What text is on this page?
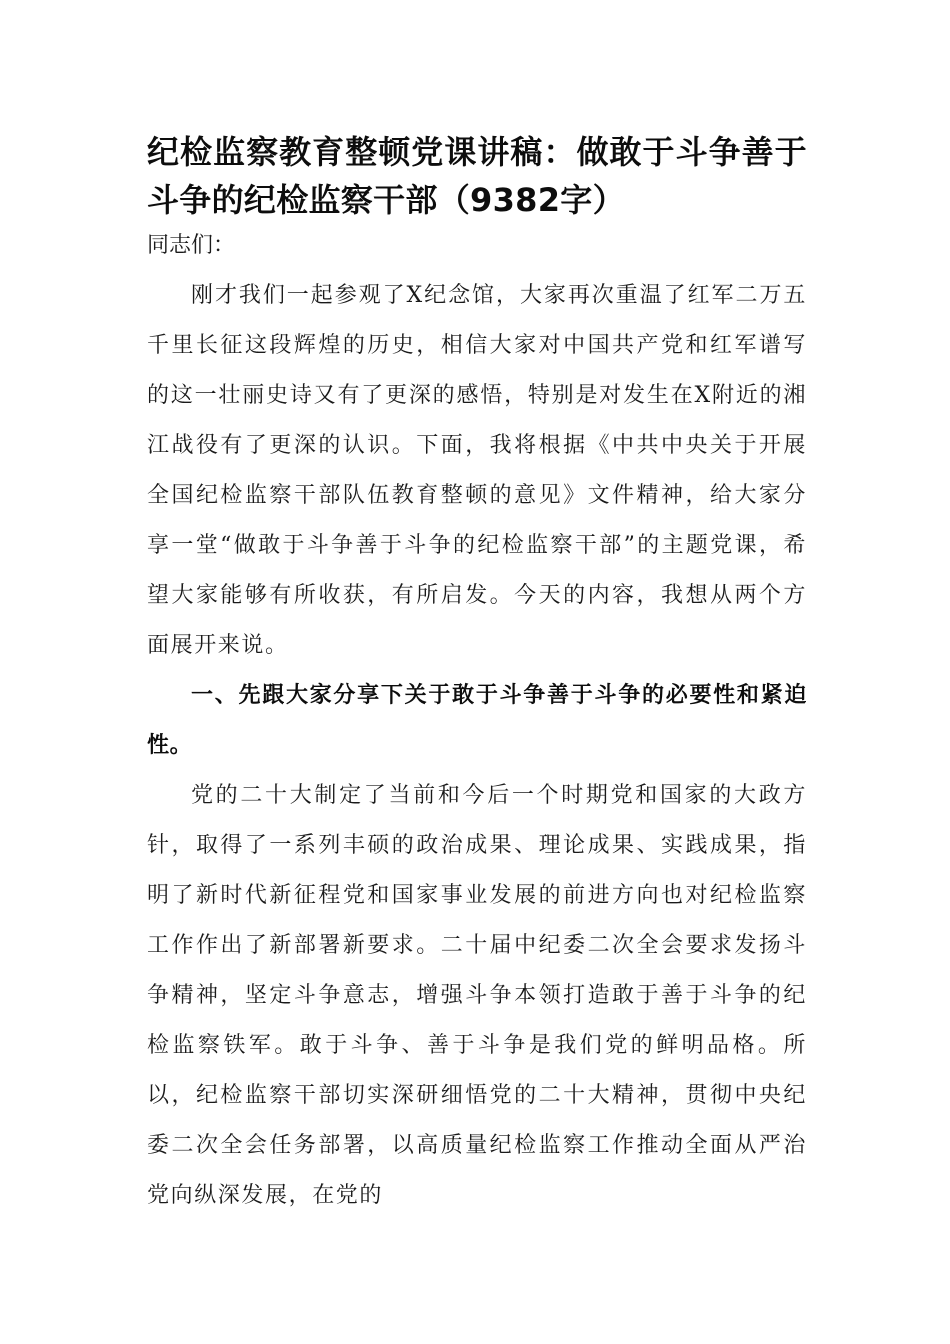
纪检监察教育整顿党课讲稿：做敢于斗争善于斗争的纪检监察干部（9382字）

同志们：

刚才我们一起参观了X纪念馆，大家再次重温了红军二万五千里长征这段辉煌的历史，相信大家对中国共产党和红军谱写的这一壮丽史诗又有了更深的感悟，特别是对发生在X附近的湘江战役有了更深的认识。下面，我将根据《中共中央关于开展全国纪检监察干部队伍教育整顿的意见》文件精神，给大家分享一堂“做敢于斗争善于斗争的纪检监察干部”的主题党课，希望大家能够有所收获，有所启发。今天的内容，我想从两个方面展开来说。

一、先跟大家分享下关于敢于斗争善于斗争的必要性和紧迫性。

党的二十大制定了当前和今后一个时期党和国家的大政方针，取得了一系列丰硕的政治成果、理论成果、实践成果，指明了新时代新征程党和国家事业发展的前进方向也对纪检监察工作作出了新部署新要求。二十届中纪委二次全会要求发扬斗争精神，坚定斗争意志，增强斗争本领打造敢于善于斗争的纪检监察铁军。敢于斗争、善于斗争是我们党的鲜明品格。所以，纪检监察干部切实深研细悟党的二十大精神，贯彻中央纪委二次全会任务部署，以高质量纪检监察工作推动全面从严治党向纵深发展，在党的
